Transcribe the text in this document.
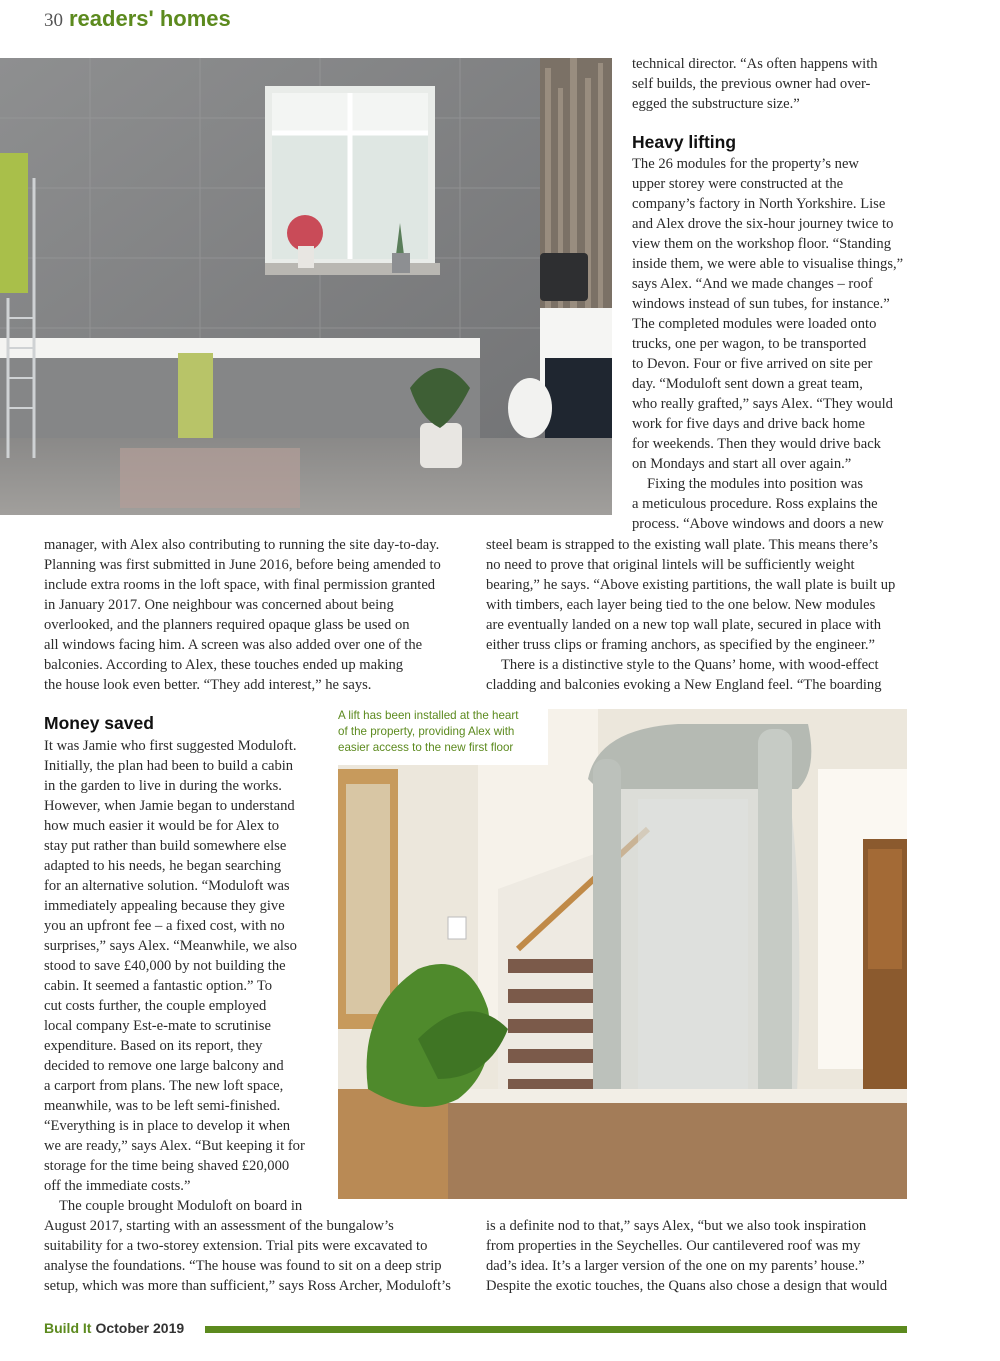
30 readers' homes
technical director. “As often happens with
self builds, the previous owner had over-
egged the substructure size.”
Heavy lifting
The 26 modules for the property’s new
upper storey were constructed at the
company’s factory in North Yorkshire. Lise
and Alex drove the six-hour journey twice to
view them on the workshop floor. “Standing
inside them, we were able to visualise things,”
says Alex. “And we made changes – roof
windows instead of sun tubes, for instance.”
The completed modules were loaded onto
trucks, one per wagon, to be transported
to Devon. Four or five arrived on site per
day. “Moduloft sent down a great team,
who really grafted,” says Alex. “They would
work for five days and drive back home
for weekends. Then they would drive back
on Mondays and start all over again.”
Fixing the modules into position was
a meticulous procedure. Ross explains the
process. “Above windows and doors a new
manager, with Alex also contributing to running the site day-to-day.
Planning was first submitted in June 2016, before being amended to
include extra rooms in the loft space, with final permission granted
in January 2017. One neighbour was concerned about being
overlooked, and the planners required opaque glass be used on
all windows facing him. A screen was also added over one of the
balconies. According to Alex, these touches ended up making
the house look even better. “They add interest,” he says.
steel beam is strapped to the existing wall plate. This means there’s
no need to prove that original lintels will be sufficiently weight
bearing,” he says. “Above existing partitions, the wall plate is built up
with timbers, each layer being tied to the one below. New modules
are eventually landed on a new top wall plate, secured in place with
either truss clips or framing anchors, as specified by the engineer.”
There is a distinctive style to the Quans’ home, with wood-effect
cladding and balconies evoking a New England feel. “The boarding
A lift has been installed at the heart
of the property, providing Alex with
easier access to the new first floor
Money saved
It was Jamie who first suggested Moduloft.
Initially, the plan had been to build a cabin
in the garden to live in during the works.
However, when Jamie began to understand
how much easier it would be for Alex to
stay put rather than build somewhere else
adapted to his needs, he began searching
for an alternative solution. “Moduloft was
immediately appealing because they give
you an upfront fee – a fixed cost, with no
surprises,” says Alex. “Meanwhile, we also
stood to save £40,000 by not building the
cabin. It seemed a fantastic option.” To
cut costs further, the couple employed
local company Est-e-mate to scrutinise
expenditure. Based on its report, they
decided to remove one large balcony and
a carport from plans. The new loft space,
meanwhile, was to be left semi-finished.
“Everything is in place to develop it when
we are ready,” says Alex. “But keeping it for
storage for the time being shaved £20,000
off the immediate costs.”
The couple brought Moduloft on board in
August 2017, starting with an assessment of the bungalow’s
suitability for a two-storey extension. Trial pits were excavated to
analyse the foundations. “The house was found to sit on a deep strip
setup, which was more than sufficient,” says Ross Archer, Moduloft’s
is a definite nod to that,” says Alex, “but we also took inspiration
from properties in the Seychelles. Our cantilevered roof was my
dad’s idea. It’s a larger version of the one on my parents’ house.”
Despite the exotic touches, the Quans also chose a design that would
Build It October 2019
